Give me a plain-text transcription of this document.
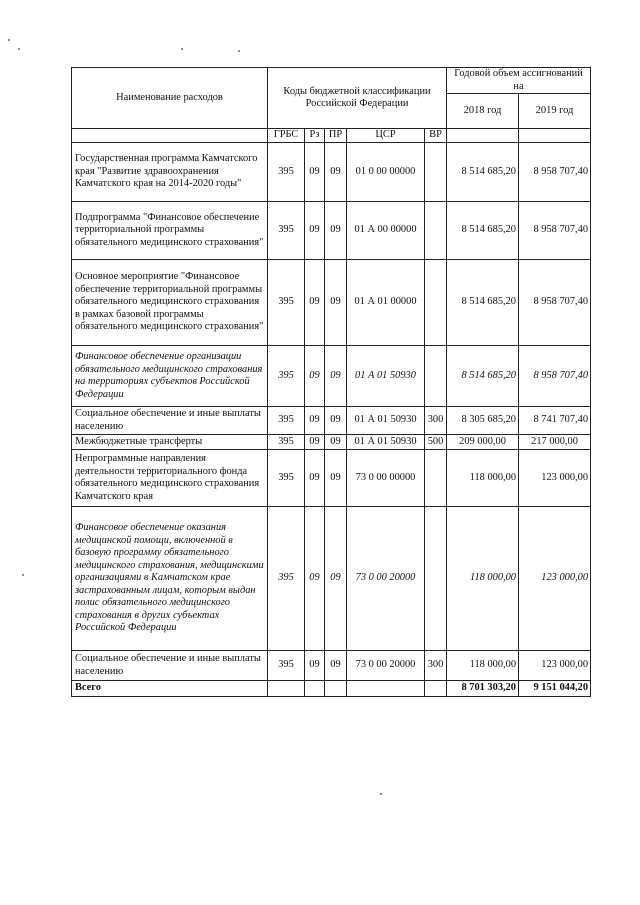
Наименование расходов	Коды бюджетной классификации Российской Федерации					Годовой объем ассигнований на	
						2018 год	2019 год
	ГРБС	Рз	ПР	ЦСР	ВР		
Государственная программа Камчатского края "Развитие здравоохранения Камчатского края на 2014-2020 годы"	395	09	09	01 0 00 00000		8 514 685,20	8 958 707,40
Подпрограмма "Финансовое обеспечение территориальной программы обязательного медицинского страхования"	395	09	09	01 А 00 00000		8 514 685,20	8 958 707,40
Основное мероприятие "Финансовое обеспечение территориальной программы обязательного медицинского страхования в рамках базовой программы обязательного медицинского страхования"	395	09	09	01 А 01 00000		8 514 685,20	8 958 707,40
Финансовое обеспечение организации обязательного медицинского страхования на территориях субъектов Российской Федерации	395	09	09	01 А 01 50930		8 514 685,20	8 958 707,40
Социальное обеспечение и иные выплаты населению	395	09	09	01 А 01 50930	300	8 305 685,20	8 741 707,40
Межбюджетные трансферты	395	09	09	01 А 01 50930	500	209 000,00	217 000,00
Непрограммные направления деятельности территориального фонда обязательного медицинского страхования Камчатского края	395	09	09	73 0 00 00000		118 000,00	123 000,00
Финансовое обеспечение оказания медицинской помощи, включенной в базовую программу обязательного медицинского страхования, медицинскими организациями в Камчатском крае застрахованным лицам, которым выдан полис обязательного медицинского страхования в других субъектах Российской Федерации	395	09	09	73 0 00 20000		118 000,00	123 000,00
Социальное обеспечение и иные выплаты населению	395	09	09	73 0 00 20000	300	118 000,00	123 000,00
Всего						8 701 303,20	9 151 044,20
